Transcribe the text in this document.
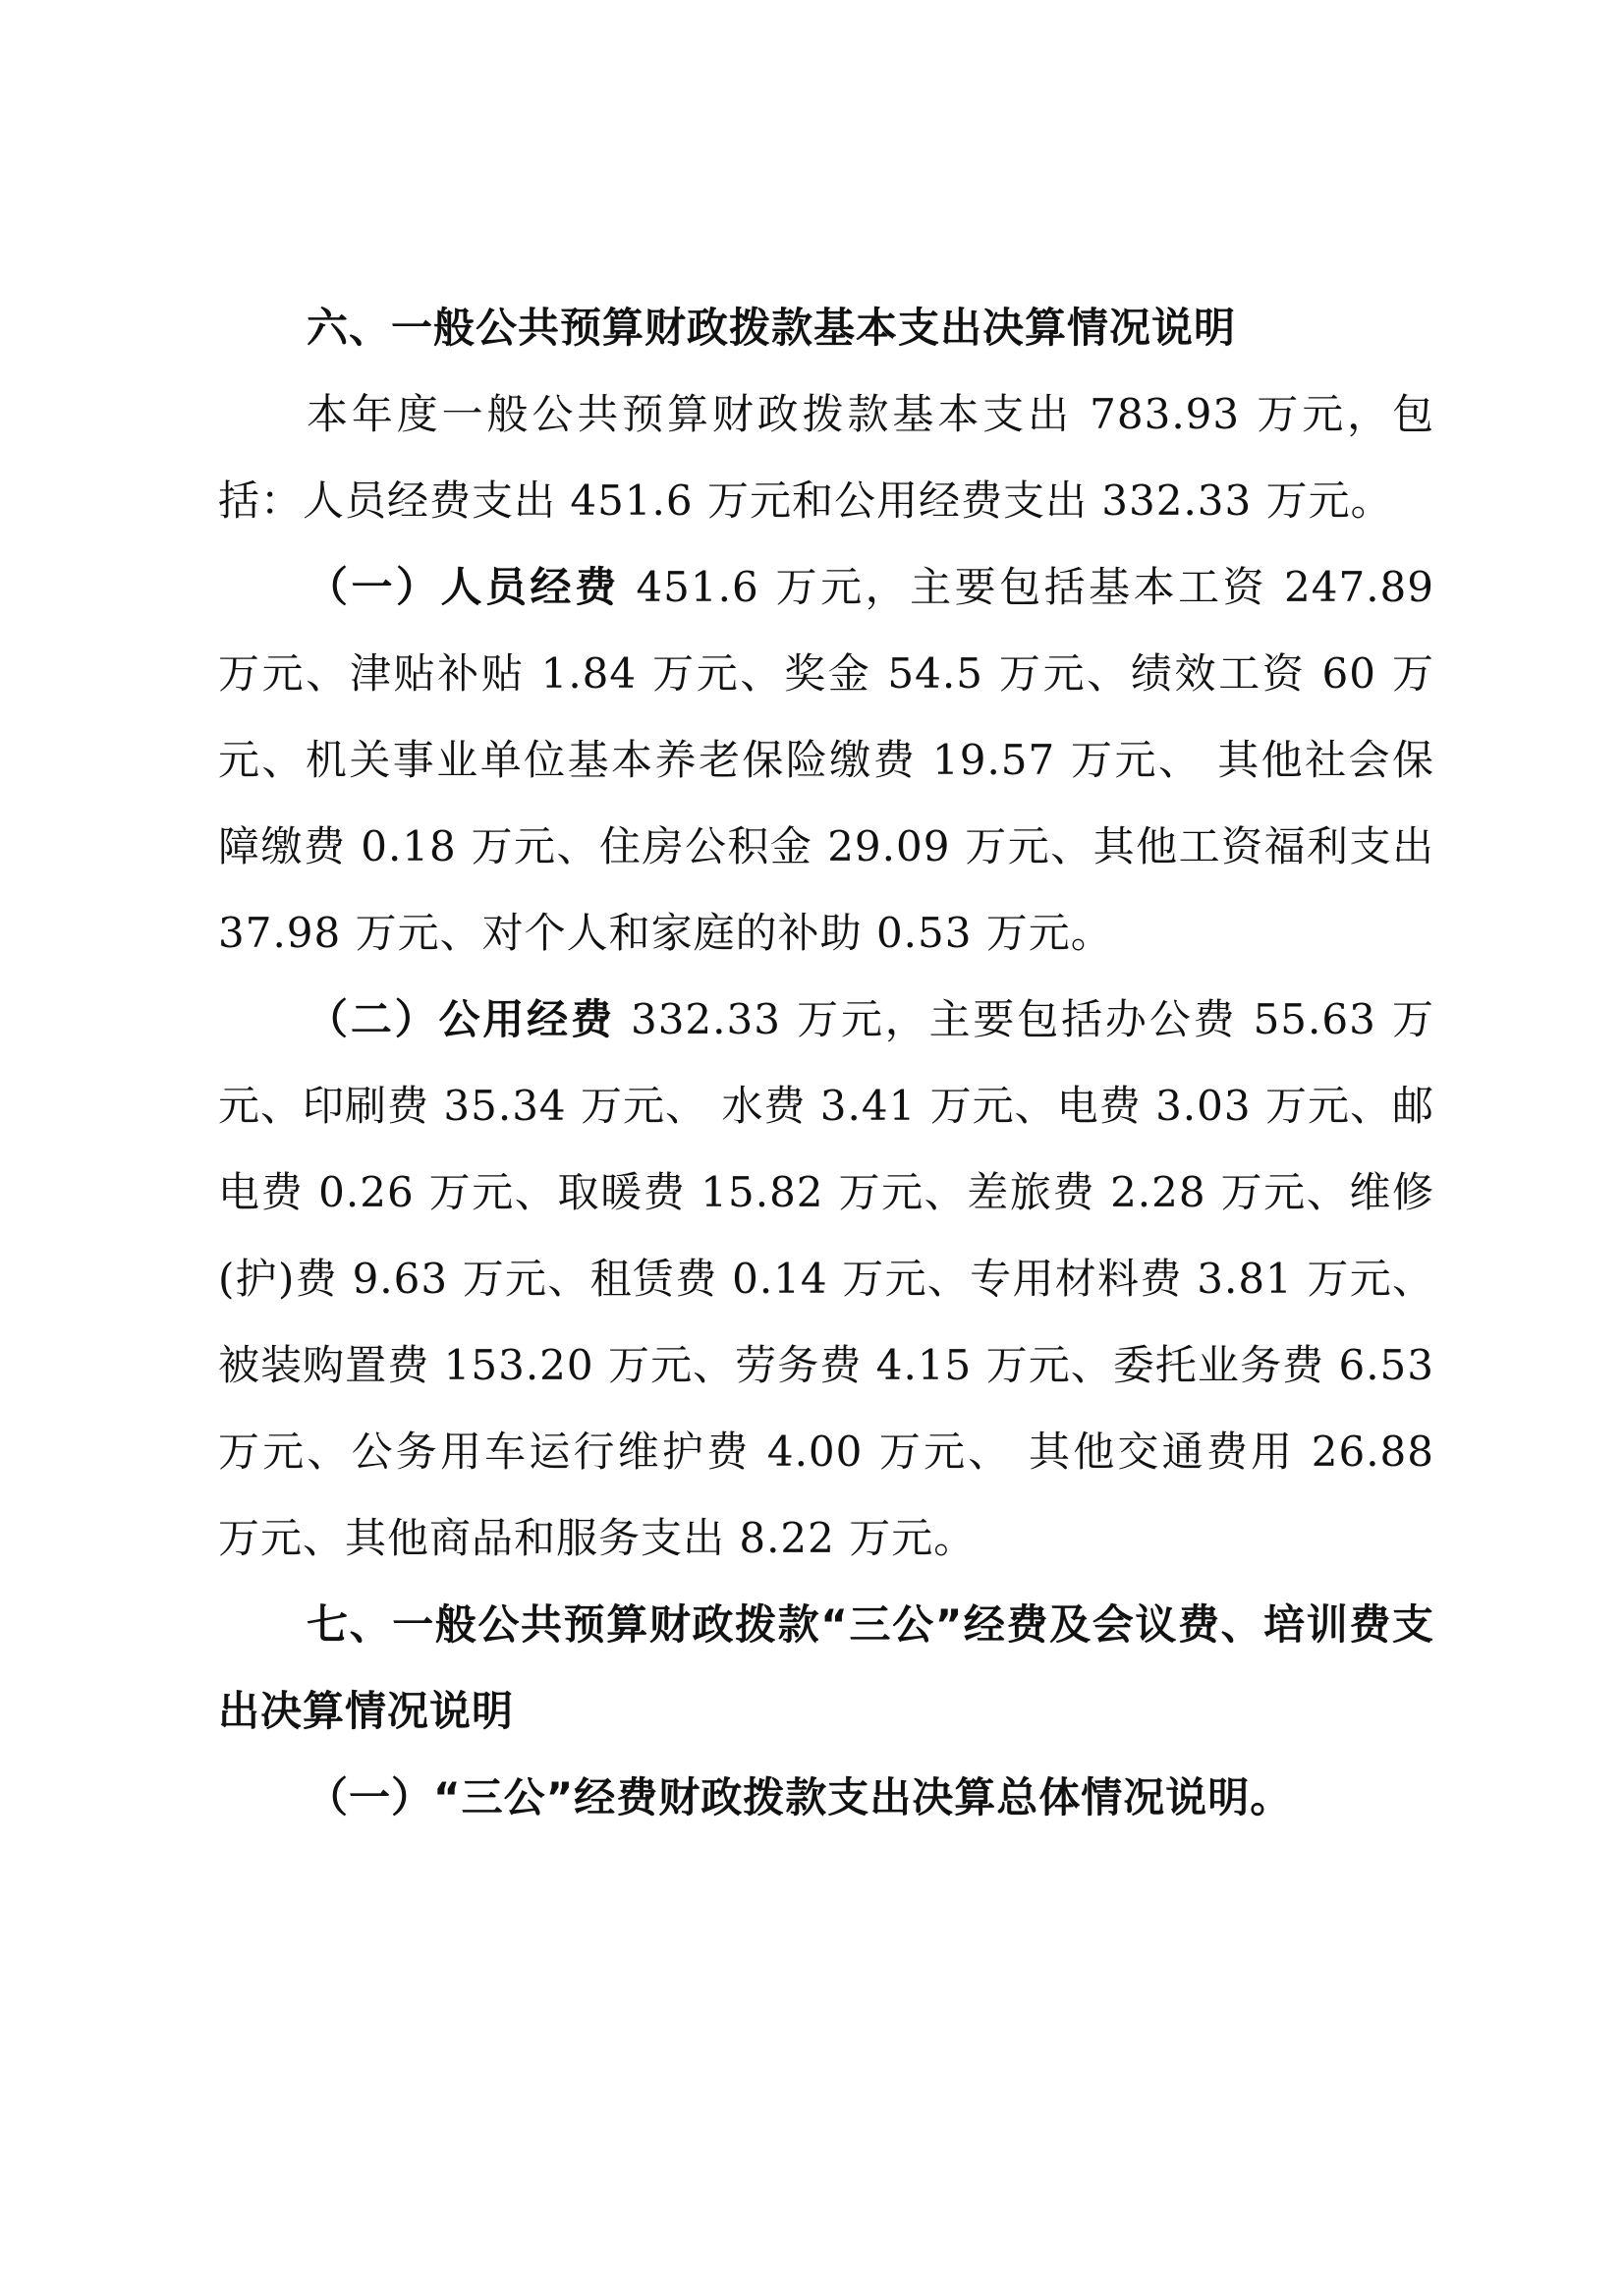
六、一般公共预算财政拨款基本支出决算情况说明

本年度一般公共预算财政拨款基本支出 783.93 万元，包括：人员经费支出 451.6 万元和公用经费支出 332.33 万元。

（一）人员经费 451.6 万元，主要包括基本工资 247.89 万元、津贴补贴 1.84 万元、奖金 54.5 万元、绩效工资 60 万元、机关事业单位基本养老保险缴费 19.57 万元、 其他社会保障缴费 0.18 万元、住房公积金 29.09 万元、其他工资福利支出 37.98 万元、对个人和家庭的补助 0.53 万元。

（二）公用经费 332.33 万元，主要包括办公费 55.63 万元、印刷费 35.34 万元、 水费 3.41 万元、电费 3.03 万元、邮电费 0.26 万元、取暖费 15.82 万元、差旅费 2.28 万元、维修(护)费 9.63 万元、租赁费 0.14 万元、专用材料费 3.81 万元、被装购置费 153.20 万元、劳务费 4.15 万元、委托业务费 6.53 万元、公务用车运行维护费 4.00 万元、 其他交通费用 26.88 万元、其他商品和服务支出 8.22 万元。

七、一般公共预算财政拨款“三公”经费及会议费、培训费支出决算情况说明

（一）“三公”经费财政拨款支出决算总体情况说明。
